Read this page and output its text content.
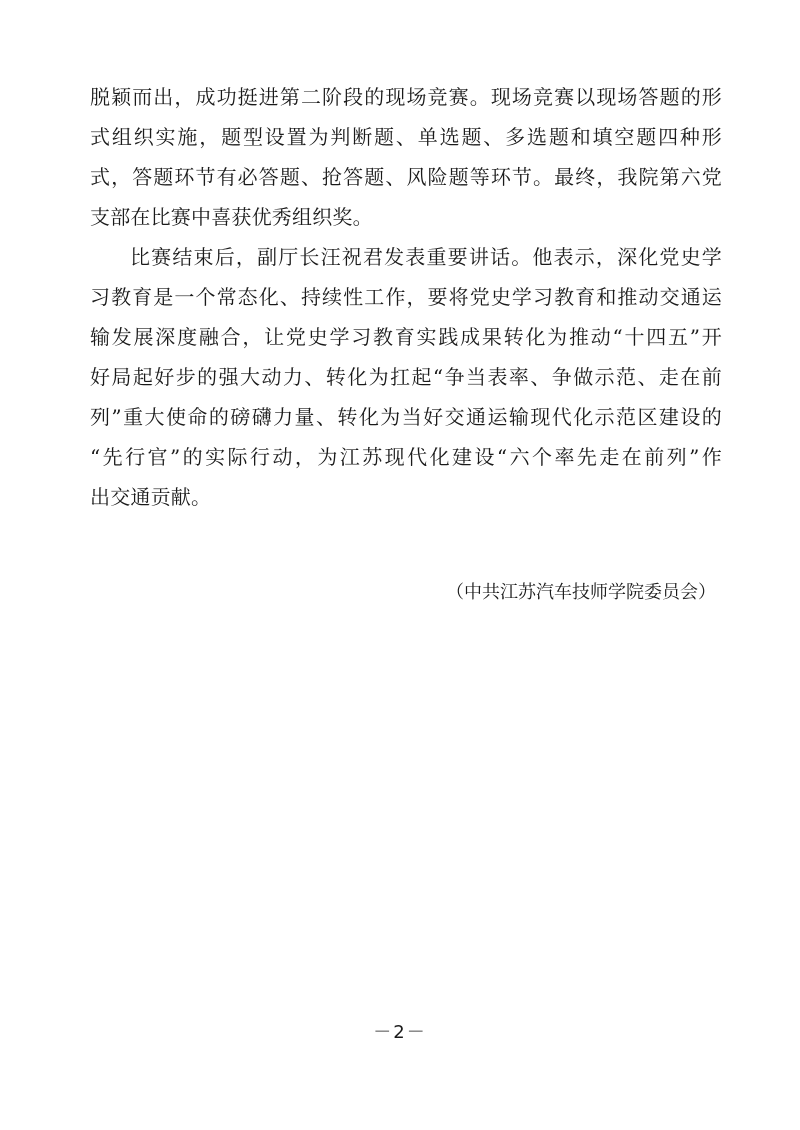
脱颖而出，成功挺进第二阶段的现场竞赛。现场竞赛以现场答题的形
式组织实施，题型设置为判断题、单选题、多选题和填空题四种形
式，答题环节有必答题、抢答题、风险题等环节。最终，我院第六党
支部在比赛中喜获优秀组织奖。
比赛结束后，副厅长汪祝君发表重要讲话。他表示，深化党史学
习教育是一个常态化、持续性工作，要将党史学习教育和推动交通运
输发展深度融合，让党史学习教育实践成果转化为推动“十四五”开
好局起好步的强大动力、转化为扛起“争当表率、争做示范、走在前
列”重大使命的磅礴力量、转化为当好交通运输现代化示范区建设的
“先行官”的实际行动，为江苏现代化建设“六个率先走在前列”作
出交通贡献。
（中共江苏汽车技师学院委员会）
－2－
